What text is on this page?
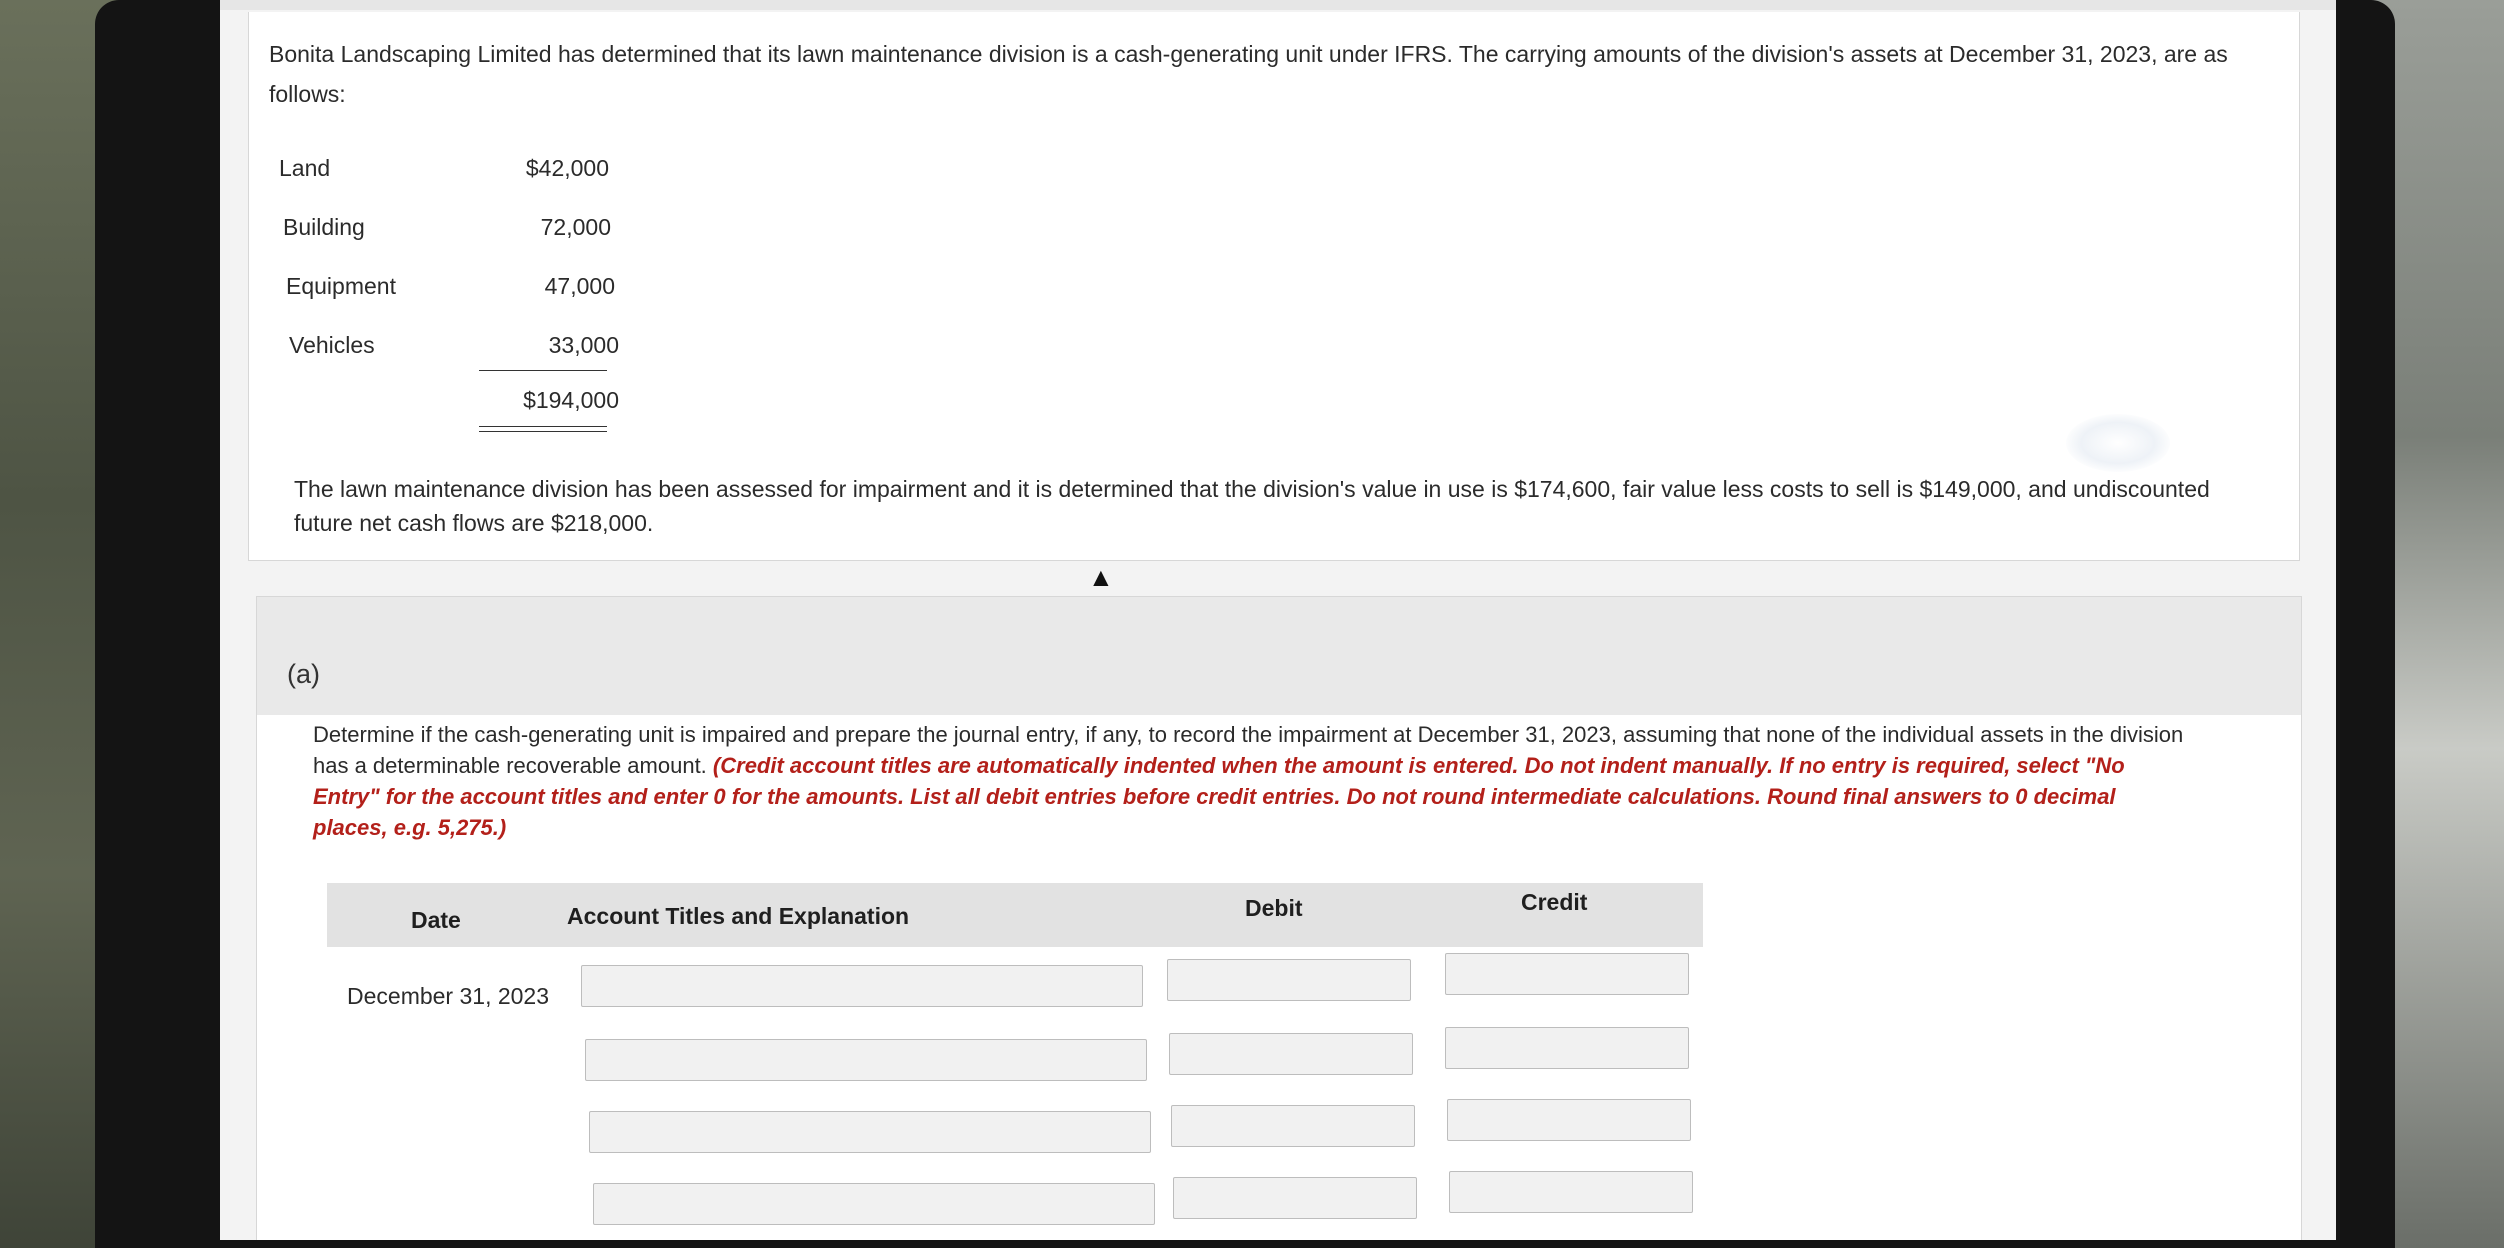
Bonita Landscaping Limited has determined that its lawn maintenance division is a cash-generating unit under IFRS. The carrying amounts of the division's assets at December 31, 2023, are as follows:
Land	$42,000
Building	72,000
Equipment	47,000
Vehicles	33,000
$194,000
The lawn maintenance division has been assessed for impairment and it is determined that the division's value in use is $174,600, fair value less costs to sell is $149,000, and undiscounted future net cash flows are $218,000.
(a)
Determine if the cash-generating unit is impaired and prepare the journal entry, if any, to record the impairment at December 31, 2023, assuming that none of the individual assets in the division has a determinable recoverable amount. (Credit account titles are automatically indented when the amount is entered. Do not indent manually. If no entry is required, select "No Entry" for the account titles and enter 0 for the amounts. List all debit entries before credit entries. Do not round intermediate calculations. Round final answers to 0 decimal places, e.g. 5,275.)
Date	Account Titles and Explanation	Debit	Credit
December 31, 2023
▲
